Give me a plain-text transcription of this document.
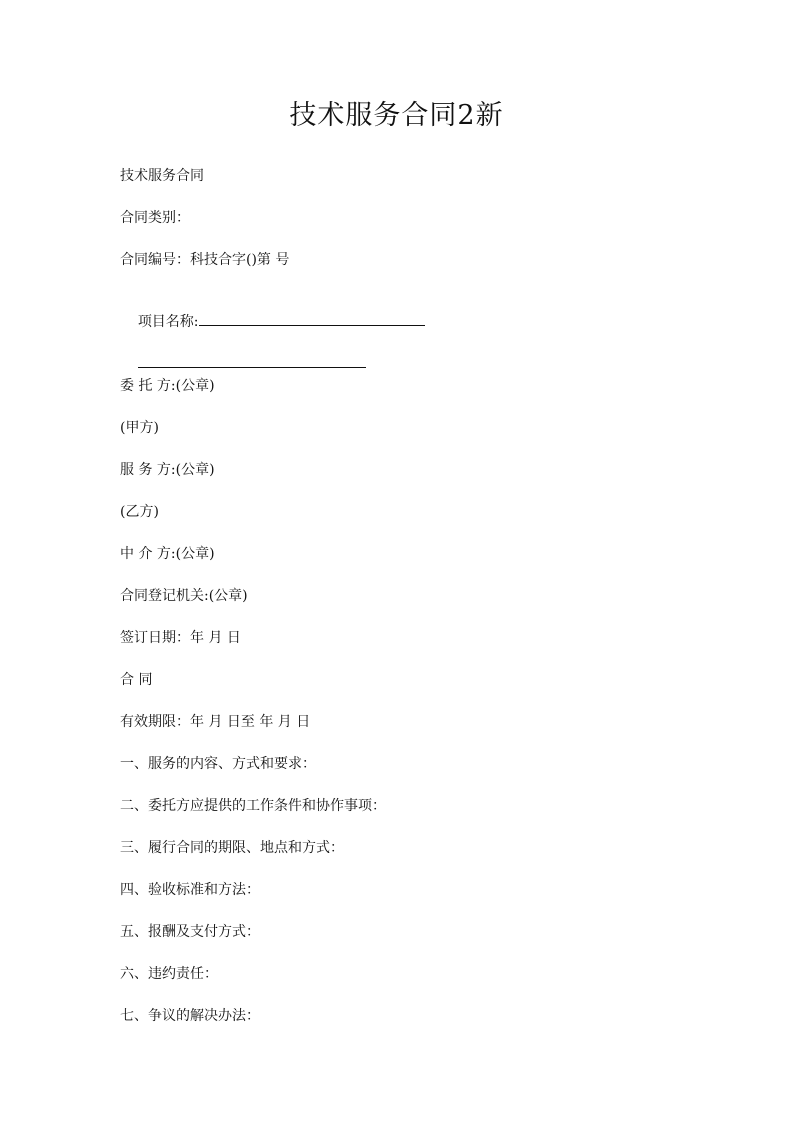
技术服务合同2新

技术服务合同

合同类别：

合同编号：科技合字()第 号

项目名称:

委 托 方:(公章)

(甲方)

服 务 方:(公章)

(乙方)

中 介 方:(公章)

合同登记机关:(公章)

签订日期：年 月 日

合 同

有效期限：年 月 日至 年 月 日

一、服务的内容、方式和要求：

二、委托方应提供的工作条件和协作事项：

三、履行合同的期限、地点和方式：

四、验收标准和方法：

五、报酬及支付方式：

六、违约责任：

七、争议的解决办法：
